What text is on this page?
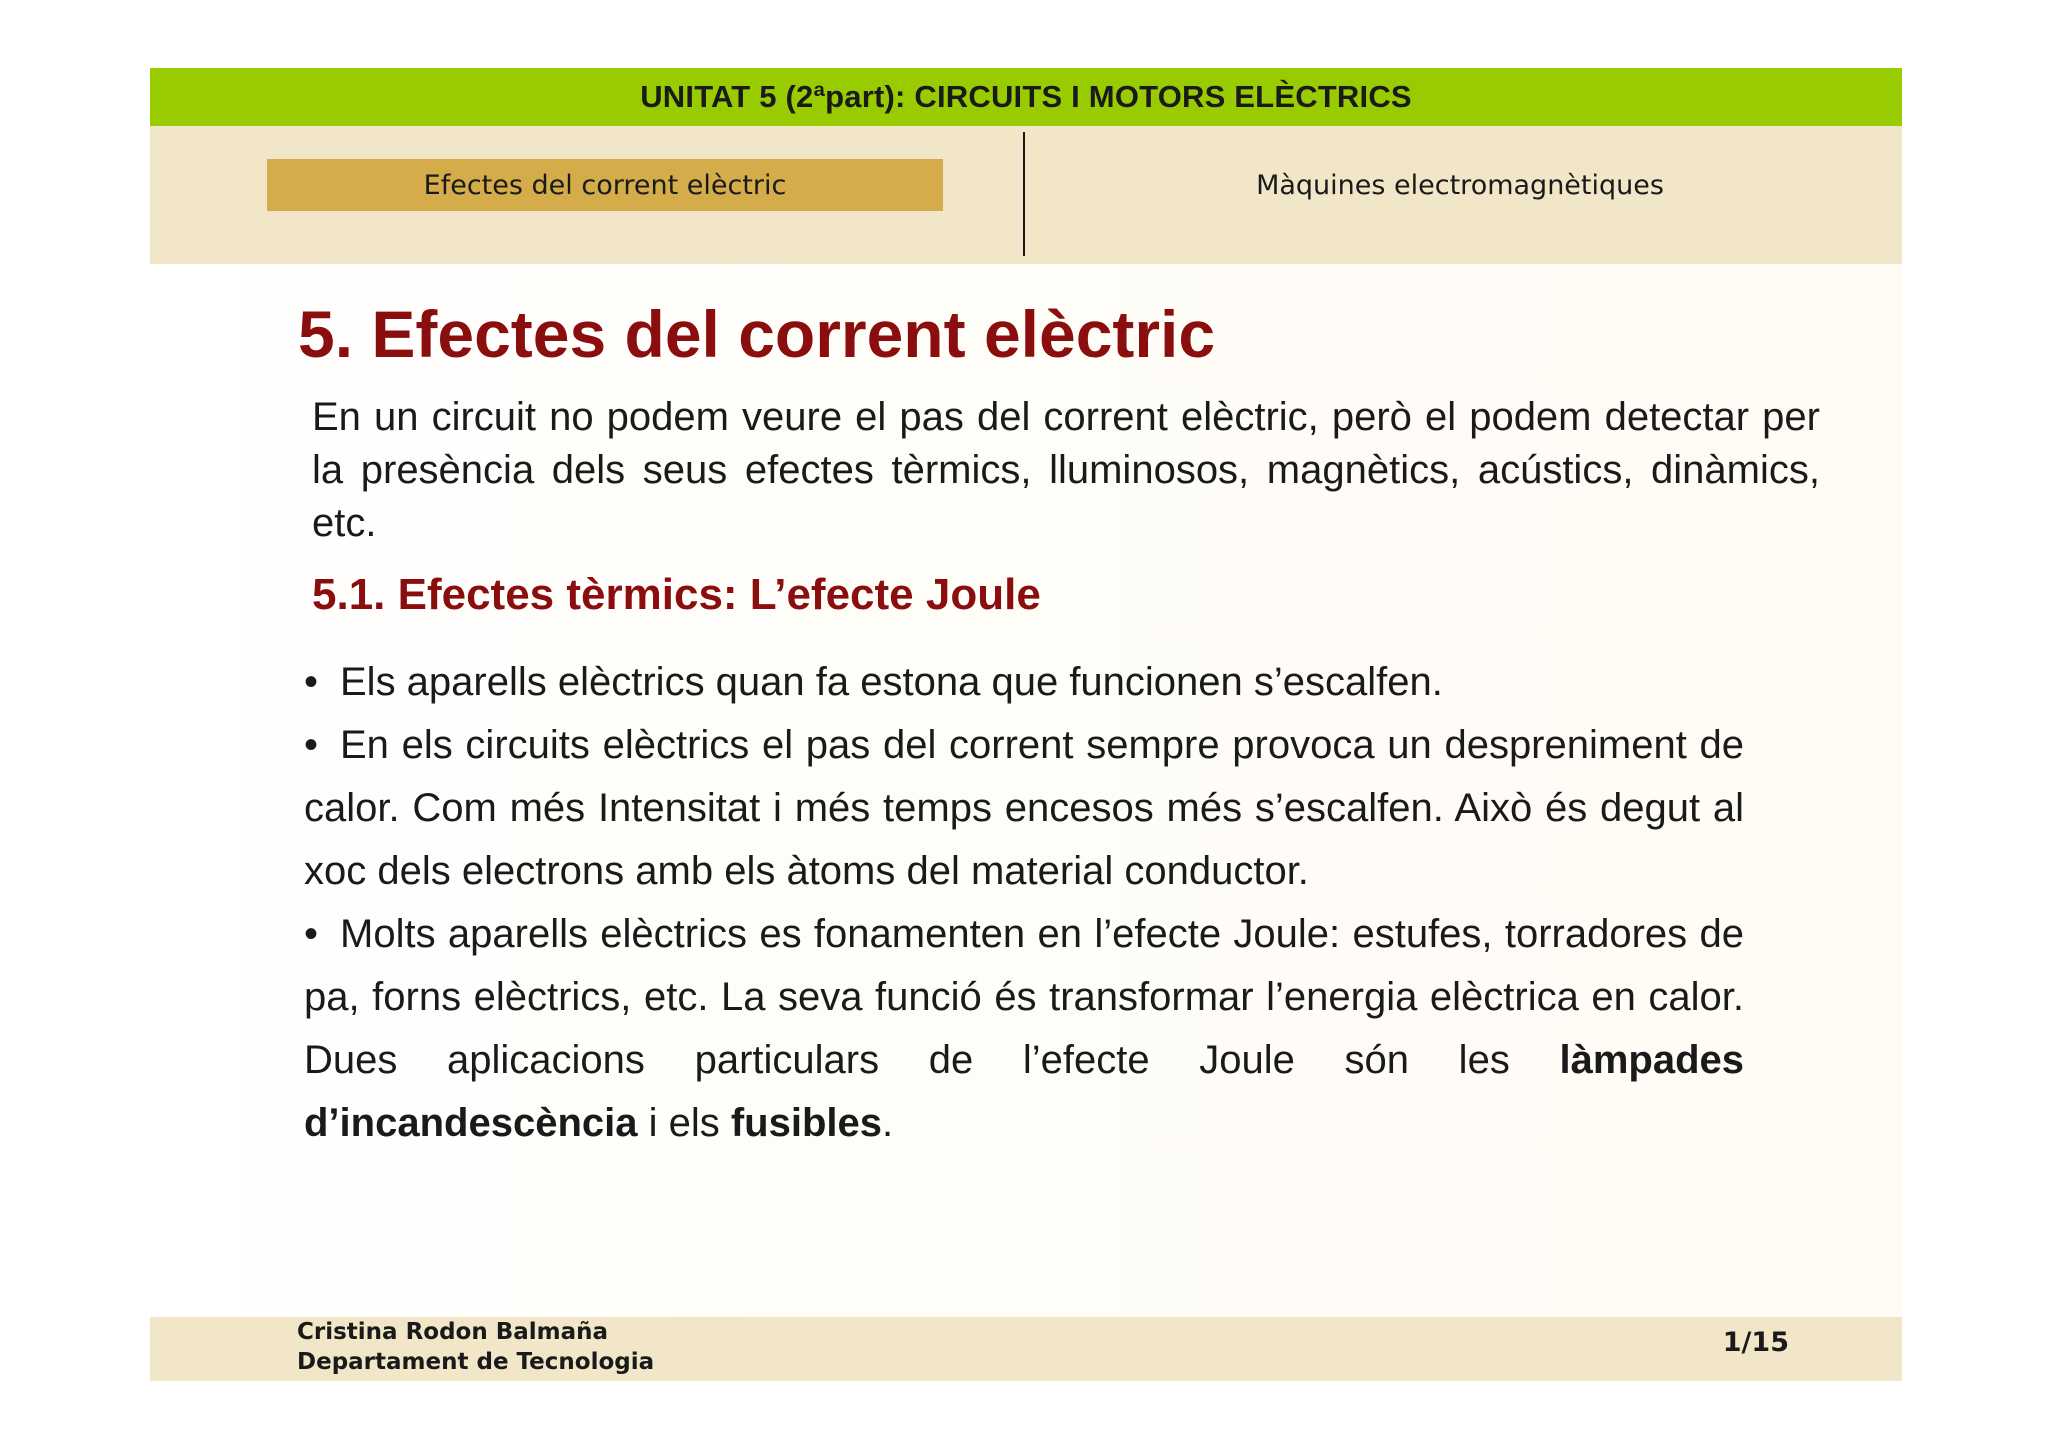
UNITAT 5 (2ªpart): CIRCUITS I MOTORS ELÈCTRICS
Efectes del corrent elèctric	Màquines electromagnètiques
5. Efectes del corrent elèctric

En un circuit no podem veure el pas del corrent elèctric, però el podem detectar per la presència dels seus efectes tèrmics, lluminosos, magnètics, acústics, dinàmics, etc.

5.1. Efectes tèrmics: L’efecte Joule
• Els aparells elèctrics quan fa estona que funcionen s’escalfen.
• En els circuits elèctrics el pas del corrent sempre provoca un despreniment de calor. Com més Intensitat i més temps encesos més s’escalfen. Això és degut al xoc dels electrons amb els àtoms del material conductor.
• Molts aparells elèctrics es fonamenten en l’efecte Joule: estufes, torradores de pa, forns elèctrics, etc. La seva funció és transformar l’energia elèctrica en calor. Dues aplicacions particulars de l’efecte Joule són les làmpades d’incandescència i els fusibles.
Cristina Rodon Balmaña
Departament de Tecnologia
1/15
